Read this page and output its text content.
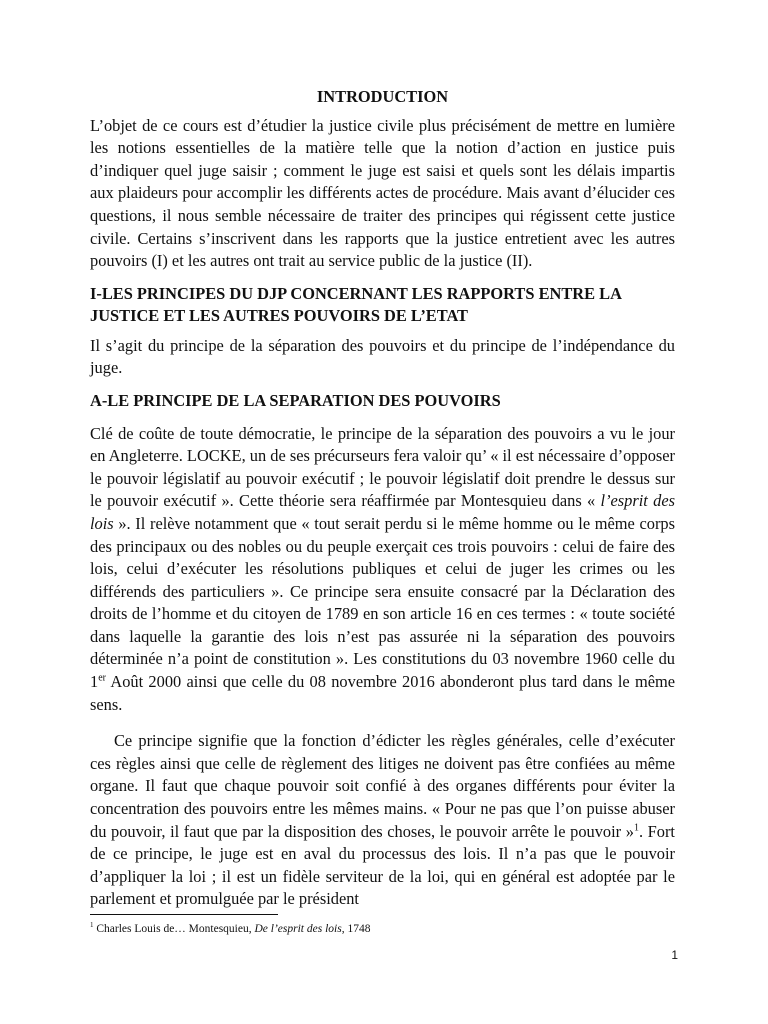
INTRODUCTION

L’objet de ce cours est d’étudier la justice civile plus précisément de mettre en lumière les notions essentielles de la matière telle que la notion d’action en justice puis d’indiquer quel juge saisir ; comment le juge est saisi et quels sont les délais impartis aux plaideurs pour accomplir les différents actes de procédure. Mais avant d’élucider ces questions, il nous semble nécessaire de traiter des principes qui régissent cette justice civile. Certains s’inscrivent dans les rapports que la justice entretient avec les autres pouvoirs (I) et les autres ont trait au service public de la justice (II).

I-LES PRINCIPES DU DJP CONCERNANT LES RAPPORTS ENTRE LA JUSTICE ET LES AUTRES POUVOIRS DE L’ETAT

Il s’agit du principe de la séparation des pouvoirs et du principe de l’indépendance du juge.

A-LE PRINCIPE DE LA SEPARATION DES POUVOIRS

Clé de coûte de toute démocratie, le principe de la séparation des pouvoirs a vu le jour en Angleterre. LOCKE, un de ses précurseurs fera valoir qu’ « il est nécessaire d’opposer le pouvoir législatif au pouvoir exécutif ; le pouvoir législatif doit prendre le dessus sur le pouvoir exécutif ». Cette théorie sera réaffirmée par Montesquieu dans « l’esprit des lois ». Il relève notamment que « tout serait perdu si le même homme ou le même corps des principaux ou des nobles ou du peuple exerçait ces trois pouvoirs : celui de faire des lois, celui d’exécuter les résolutions publiques et celui de juger les crimes ou les différends des particuliers ». Ce principe sera ensuite consacré par la Déclaration des droits de l’homme et du citoyen de 1789 en son article 16 en ces termes : « toute société dans laquelle la garantie des lois n’est pas assurée ni la séparation des pouvoirs déterminée n’a point de constitution ». Les constitutions du 03 novembre 1960 celle du 1er Août 2000 ainsi que celle du 08 novembre 2016 abonderont plus tard dans le même sens.

Ce principe signifie que la fonction d’édicter les règles générales, celle d’exécuter ces règles ainsi que celle de règlement des litiges ne doivent pas être confiées au même organe. Il faut que chaque pouvoir soit confié à des organes différents pour éviter la concentration des pouvoirs entre les mêmes mains. « Pour ne pas que l’on puisse abuser du pouvoir, il faut que par la disposition des choses, le pouvoir arrête le pouvoir »$^1$. Fort de ce principe, le juge est en aval du processus des lois. Il n’a pas que le pouvoir d’appliquer la loi ; il est un fidèle serviteur de la loi, qui en général est adoptée par le parlement et promulguée par le président

$^1$ Charles Louis de… Montesquieu, De l’esprit des lois, 1748
1
